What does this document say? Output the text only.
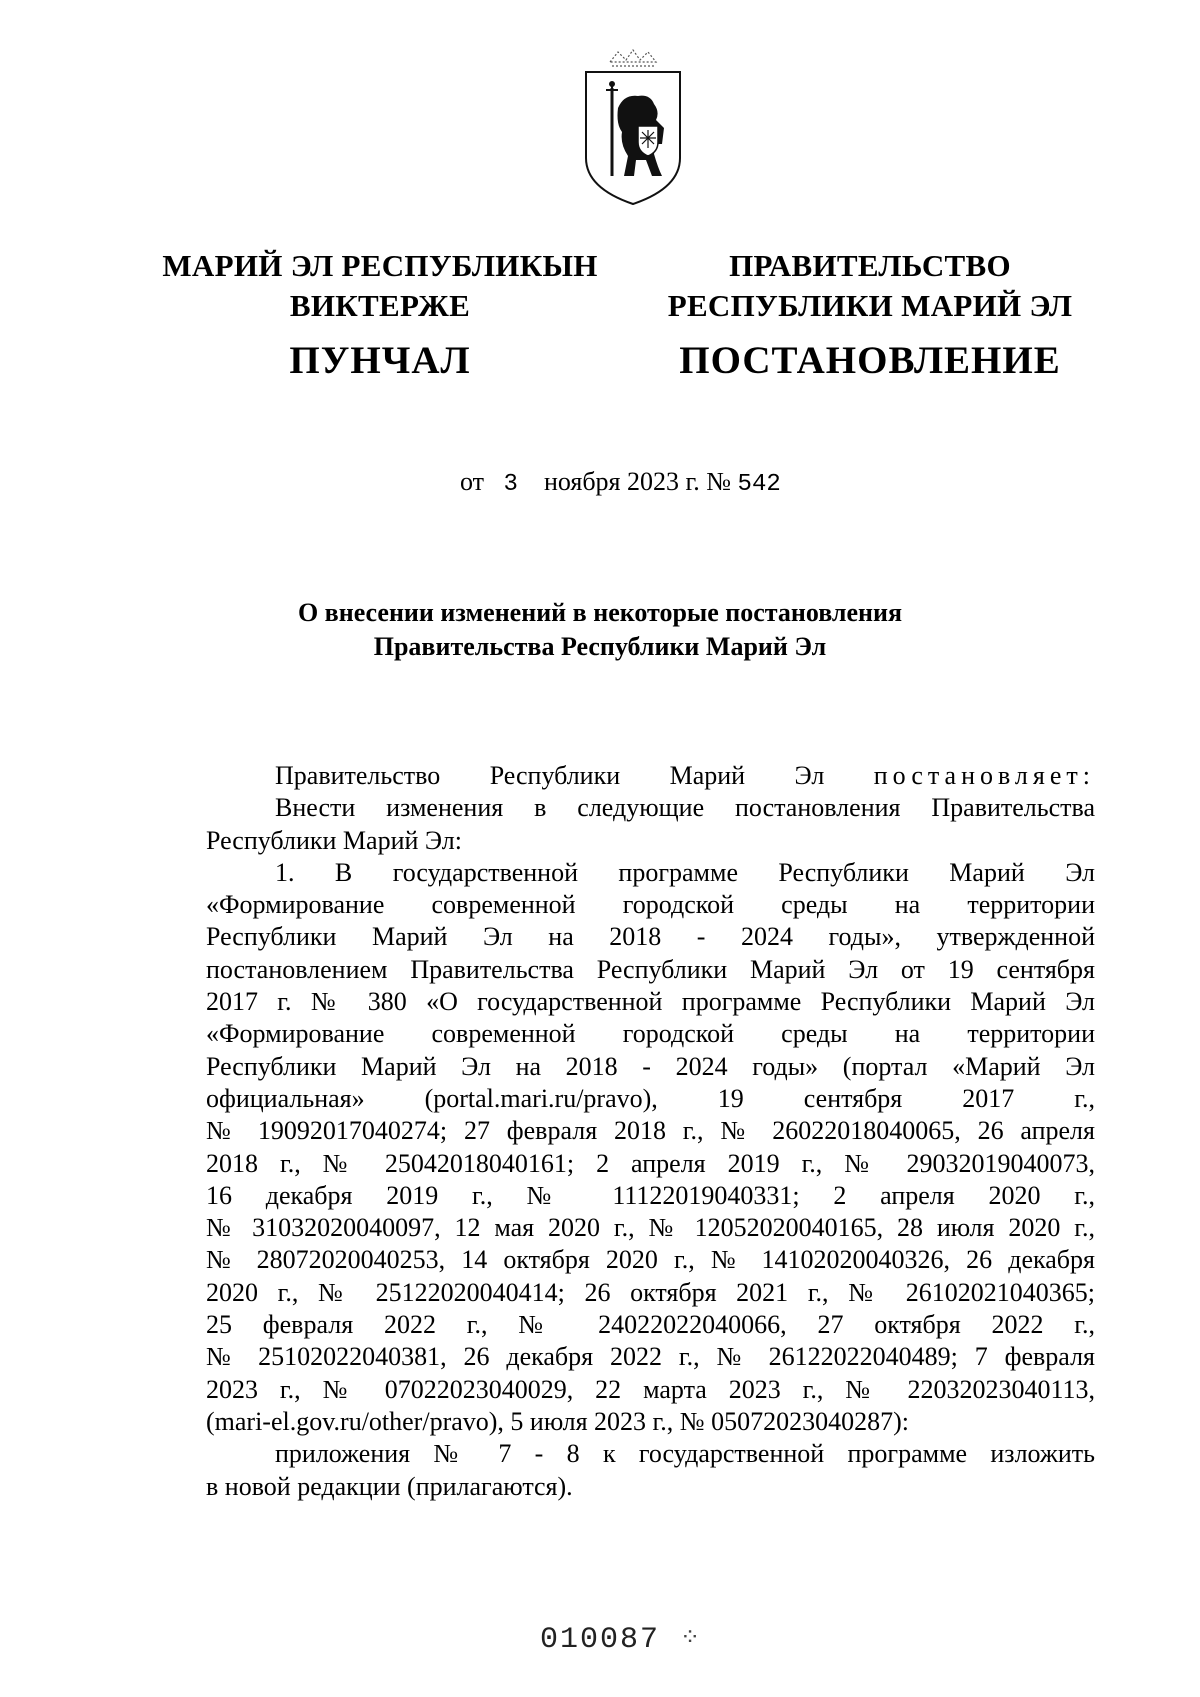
МАРИЙ ЭЛ РЕСПУБЛИКЫН
ВИКТЕРЖЕ
ПУНЧАЛ
ПРАВИТЕЛЬСТВО
РЕСПУБЛИКИ МАРИЙ ЭЛ
ПОСТАНОВЛЕНИЕ
от 3 ноября 2023 г. № 542
О внесении изменений в некоторые постановления
Правительства Республики Марий Эл

Правительство Республики Марий Эл постановляет:

Внести изменения в следующие постановления Правительства

Республики Марий Эл:

1. В государственной программе Республики Марий Эл

«Формирование современной городской среды на территории

Республики Марий Эл на 2018 - 2024 годы», утвержденной

постановлением Правительства Республики Марий Эл от 19 сентября

2017 г. № 380 «О государственной программе Республики Марий Эл

«Формирование современной городской среды на территории

Республики Марий Эл на 2018 - 2024 годы» (портал «Марий Эл

официальная» (portal.mari.ru/pravo), 19 сентября 2017 г.,

№ 19092017040274; 27 февраля 2018 г., № 26022018040065, 26 апреля

2018 г., № 25042018040161; 2 апреля 2019 г., № 29032019040073,

16 декабря 2019 г., № 11122019040331; 2 апреля 2020 г.,

№ 31032020040097, 12 мая 2020 г., № 12052020040165, 28 июля 2020 г.,

№ 28072020040253, 14 октября 2020 г., № 14102020040326, 26 декабря

2020 г., № 25122020040414; 26 октября 2021 г., № 26102021040365;

25 февраля 2022 г., № 24022022040066, 27 октября 2022 г.,

№ 25102022040381, 26 декабря 2022 г., № 26122022040489; 7 февраля

2023 г., № 07022023040029, 22 марта 2023 г., № 22032023040113,

(mari-el.gov.ru/other/pravo), 5 июля 2023 г., № 05072023040287):

приложения № 7 - 8 к государственной программе изложить

в новой редакции (прилагаются).

010087 ⁘
